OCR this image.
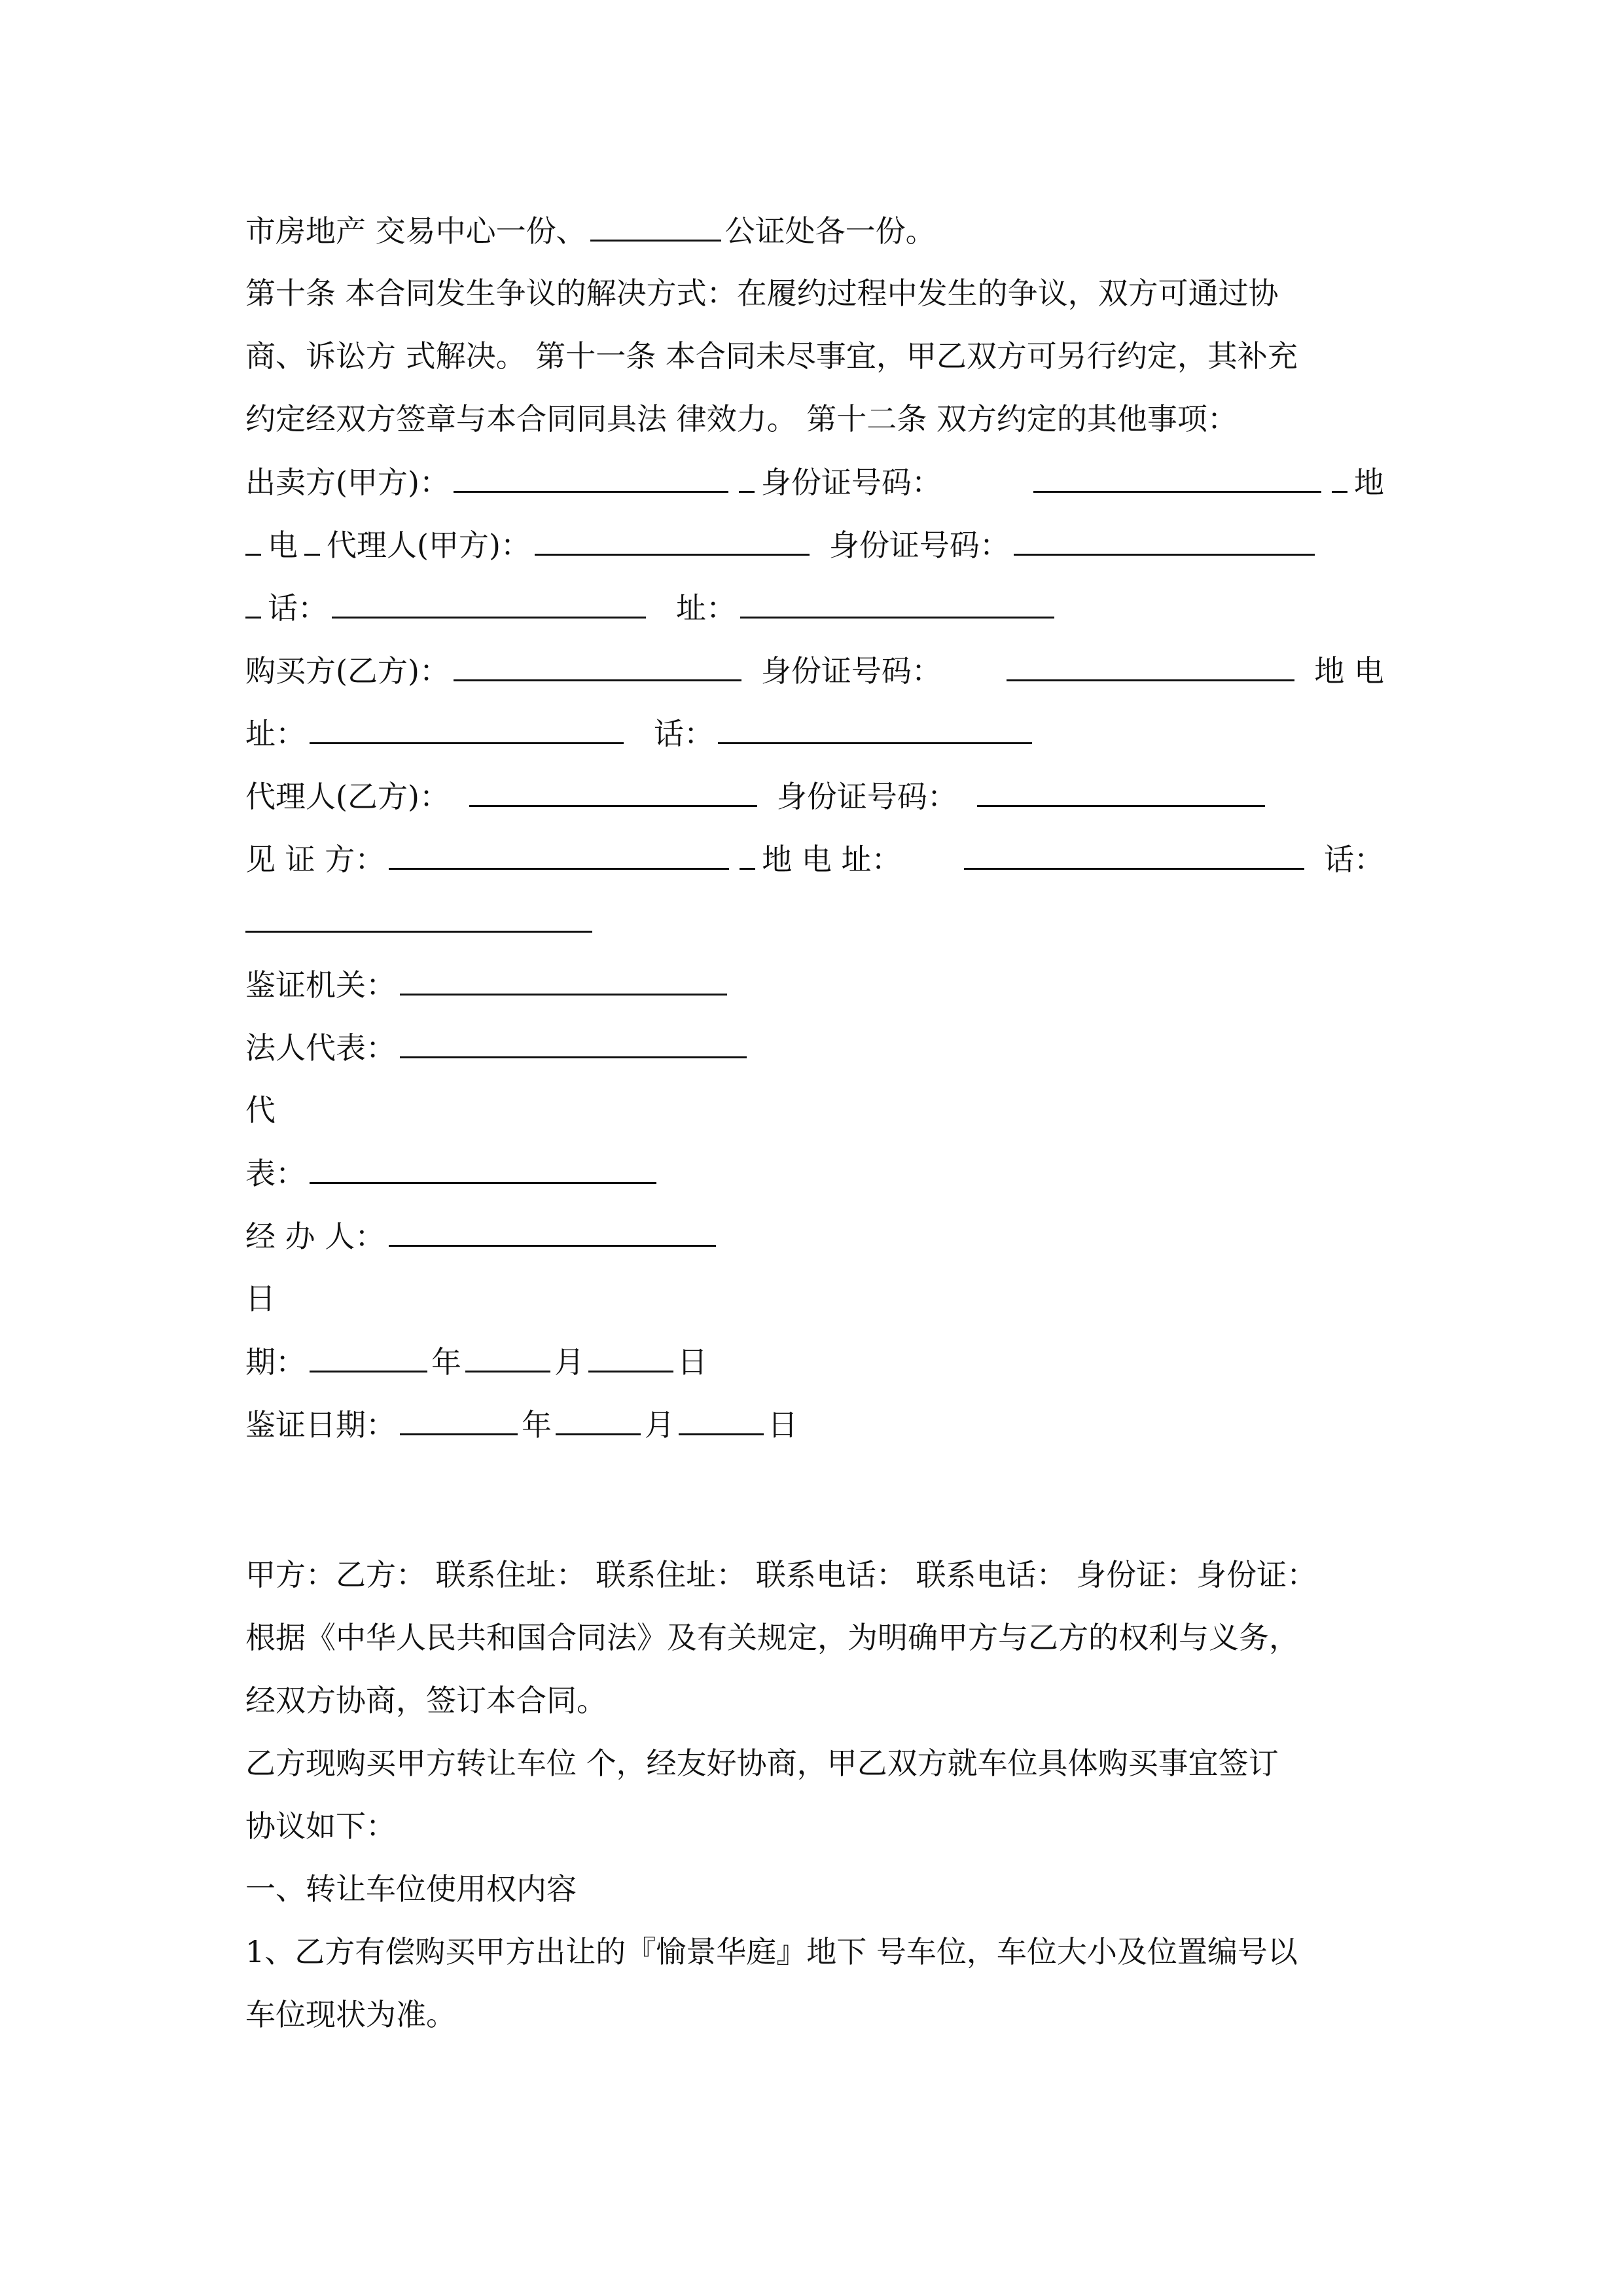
市房地产 交易中心一份、	公证处各一份。
第十条 本合同发生争议的解决方式：在履约过程中发生的争议，双方可通过协
商、诉讼方 式解决。 第十一条 本合同未尽事宜，甲乙双方可另行约定，其补充
约定经双方签章与本合同同具法 律效力。 第十二条 双方约定的其他事项：
出卖方(甲方)：	身份证号码：	地
电 代理人(甲方)：	身份证号码：
话：	址：
购买方(乙方)：	身份证号码：	地 电
址：	话：
代理人(乙方)：	身份证号码：
见 证 方：	地 电 址：	话：
鉴证机关：
法人代表：
代
表：
经 办 人：
日
期：	年	月	日
鉴证日期：	年	月	日
甲方：乙方： 联系住址： 联系住址： 联系电话： 联系电话： 身份证：身份证：
根据《中华人民共和国合同法》及有关规定，为明确甲方与乙方的权利与义务，
经双方协商，签订本合同。
乙方现购买甲方转让车位 个，经友好协商，甲乙双方就车位具体购买事宜签订
协议如下：
一、转让车位使用权内容
1、乙方有偿购买甲方出让的『愉景华庭』地下 号车位，车位大小及位置编号以
车位现状为准。
